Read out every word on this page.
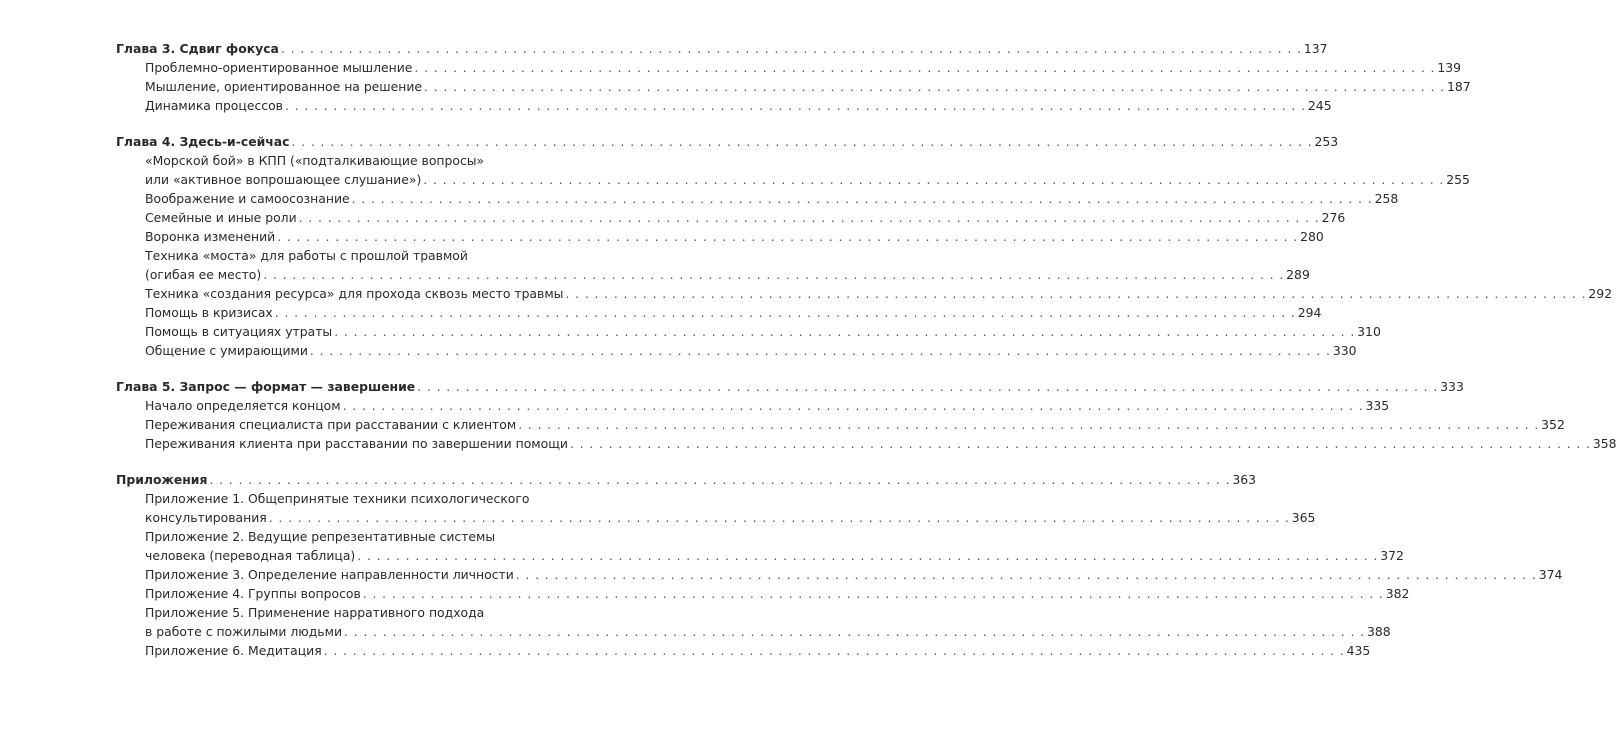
Глава 3. Сдвиг фокуса . . . . . . . . . . . . . . . . . . . . . . . . . . . . . . . . . . . . . . . . . . . . . . . . . . . . . . . . . . . . . . . . . . . . . . . . . . . . . . . . . . . . . . . . . . . . . . . . . . . . . . . . . . 137
Проблемно-ориентированное мышление . . . . . . . . . . . . . . . . . . . . . . . . . . . . . . . . . . . . . . . . . . . . . . . . . . . . . . . . . . . . . . . . . . . . . . . . . . . . . . . . . . . . . . . . . . . . . . . . . . . . . . . . . . 139
Мышление, ориентированное на решение . . . . . . . . . . . . . . . . . . . . . . . . . . . . . . . . . . . . . . . . . . . . . . . . . . . . . . . . . . . . . . . . . . . . . . . . . . . . . . . . . . . . . . . . . . . . . . . . . . . . . . . . . . 187
Динамика процессов . . . . . . . . . . . . . . . . . . . . . . . . . . . . . . . . . . . . . . . . . . . . . . . . . . . . . . . . . . . . . . . . . . . . . . . . . . . . . . . . . . . . . . . . . . . . . . . . . . . . . . . . . . 245
Глава 4. Здесь-и-сейчас . . . . . . . . . . . . . . . . . . . . . . . . . . . . . . . . . . . . . . . . . . . . . . . . . . . . . . . . . . . . . . . . . . . . . . . . . . . . . . . . . . . . . . . . . . . . . . . . . . . . . . . . . . 253
«Морской бой» в КПП («подталкивающие вопросы»
или «активное вопрошающее слушание») . . . . . . . . . . . . . . . . . . . . . . . . . . . . . . . . . . . . . . . . . . . . . . . . . . . . . . . . . . . . . . . . . . . . . . . . . . . . . . . . . . . . . . . . . . . . . . . . . . . . . . . . . . 255
Воображение и самоосознание . . . . . . . . . . . . . . . . . . . . . . . . . . . . . . . . . . . . . . . . . . . . . . . . . . . . . . . . . . . . . . . . . . . . . . . . . . . . . . . . . . . . . . . . . . . . . . . . . . . . . . . . . . 258
Семейные и иные роли . . . . . . . . . . . . . . . . . . . . . . . . . . . . . . . . . . . . . . . . . . . . . . . . . . . . . . . . . . . . . . . . . . . . . . . . . . . . . . . . . . . . . . . . . . . . . . . . . . . . . . . . . . 276
Воронка изменений . . . . . . . . . . . . . . . . . . . . . . . . . . . . . . . . . . . . . . . . . . . . . . . . . . . . . . . . . . . . . . . . . . . . . . . . . . . . . . . . . . . . . . . . . . . . . . . . . . . . . . . . . . 280
Техника «моста» для работы с прошлой травмой
(огибая ее место) . . . . . . . . . . . . . . . . . . . . . . . . . . . . . . . . . . . . . . . . . . . . . . . . . . . . . . . . . . . . . . . . . . . . . . . . . . . . . . . . . . . . . . . . . . . . . . . . . . . . . . . . . . 289
Техника «создания ресурса» для прохода сквозь место травмы . . . . . . . . . . . . . . . . . . . . . . . . . . . . . . . . . . . . . . . . . . . . . . . . . . . . . . . . . . . . . . . . . . . . . . . . . . . . . . . . . . . . . . . . . . . . . . . . . . . . . . . . . . 292
Помощь в кризисах . . . . . . . . . . . . . . . . . . . . . . . . . . . . . . . . . . . . . . . . . . . . . . . . . . . . . . . . . . . . . . . . . . . . . . . . . . . . . . . . . . . . . . . . . . . . . . . . . . . . . . . . . . 294
Помощь в ситуациях утраты . . . . . . . . . . . . . . . . . . . . . . . . . . . . . . . . . . . . . . . . . . . . . . . . . . . . . . . . . . . . . . . . . . . . . . . . . . . . . . . . . . . . . . . . . . . . . . . . . . . . . . . . . . 310
Общение с умирающими . . . . . . . . . . . . . . . . . . . . . . . . . . . . . . . . . . . . . . . . . . . . . . . . . . . . . . . . . . . . . . . . . . . . . . . . . . . . . . . . . . . . . . . . . . . . . . . . . . . . . . . . . . 330
Глава 5. Запрос — формат — завершение . . . . . . . . . . . . . . . . . . . . . . . . . . . . . . . . . . . . . . . . . . . . . . . . . . . . . . . . . . . . . . . . . . . . . . . . . . . . . . . . . . . . . . . . . . . . . . . . . . . . . . . . . . 333
Начало определяется концом . . . . . . . . . . . . . . . . . . . . . . . . . . . . . . . . . . . . . . . . . . . . . . . . . . . . . . . . . . . . . . . . . . . . . . . . . . . . . . . . . . . . . . . . . . . . . . . . . . . . . . . . . . 335
Переживания специалиста при расставании с клиентом . . . . . . . . . . . . . . . . . . . . . . . . . . . . . . . . . . . . . . . . . . . . . . . . . . . . . . . . . . . . . . . . . . . . . . . . . . . . . . . . . . . . . . . . . . . . . . . . . . . . . . . . . . 352
Переживания клиента при расставании по завершении помощи . . . . . . . . . . . . . . . . . . . . . . . . . . . . . . . . . . . . . . . . . . . . . . . . . . . . . . . . . . . . . . . . . . . . . . . . . . . . . . . . . . . . . . . . . . . . . . . . . . . . . . . . . . 358
Приложения . . . . . . . . . . . . . . . . . . . . . . . . . . . . . . . . . . . . . . . . . . . . . . . . . . . . . . . . . . . . . . . . . . . . . . . . . . . . . . . . . . . . . . . . . . . . . . . . . . . . . . . . . . 363
Приложение 1. Общепринятые техники психологического
консультирования . . . . . . . . . . . . . . . . . . . . . . . . . . . . . . . . . . . . . . . . . . . . . . . . . . . . . . . . . . . . . . . . . . . . . . . . . . . . . . . . . . . . . . . . . . . . . . . . . . . . . . . . . . 365
Приложение 2. Ведущие репрезентативные системы
человека (переводная таблица) . . . . . . . . . . . . . . . . . . . . . . . . . . . . . . . . . . . . . . . . . . . . . . . . . . . . . . . . . . . . . . . . . . . . . . . . . . . . . . . . . . . . . . . . . . . . . . . . . . . . . . . . . . 372
Приложение 3. Определение направленности личности . . . . . . . . . . . . . . . . . . . . . . . . . . . . . . . . . . . . . . . . . . . . . . . . . . . . . . . . . . . . . . . . . . . . . . . . . . . . . . . . . . . . . . . . . . . . . . . . . . . . . . . . . . 374
Приложение 4. Группы вопросов . . . . . . . . . . . . . . . . . . . . . . . . . . . . . . . . . . . . . . . . . . . . . . . . . . . . . . . . . . . . . . . . . . . . . . . . . . . . . . . . . . . . . . . . . . . . . . . . . . . . . . . . . . 382
Приложение 5. Применение нарративного подхода
в работе с пожилыми людьми . . . . . . . . . . . . . . . . . . . . . . . . . . . . . . . . . . . . . . . . . . . . . . . . . . . . . . . . . . . . . . . . . . . . . . . . . . . . . . . . . . . . . . . . . . . . . . . . . . . . . . . . . . 388
Приложение 6. Медитация . . . . . . . . . . . . . . . . . . . . . . . . . . . . . . . . . . . . . . . . . . . . . . . . . . . . . . . . . . . . . . . . . . . . . . . . . . . . . . . . . . . . . . . . . . . . . . . . . . . . . . . . . . 435
